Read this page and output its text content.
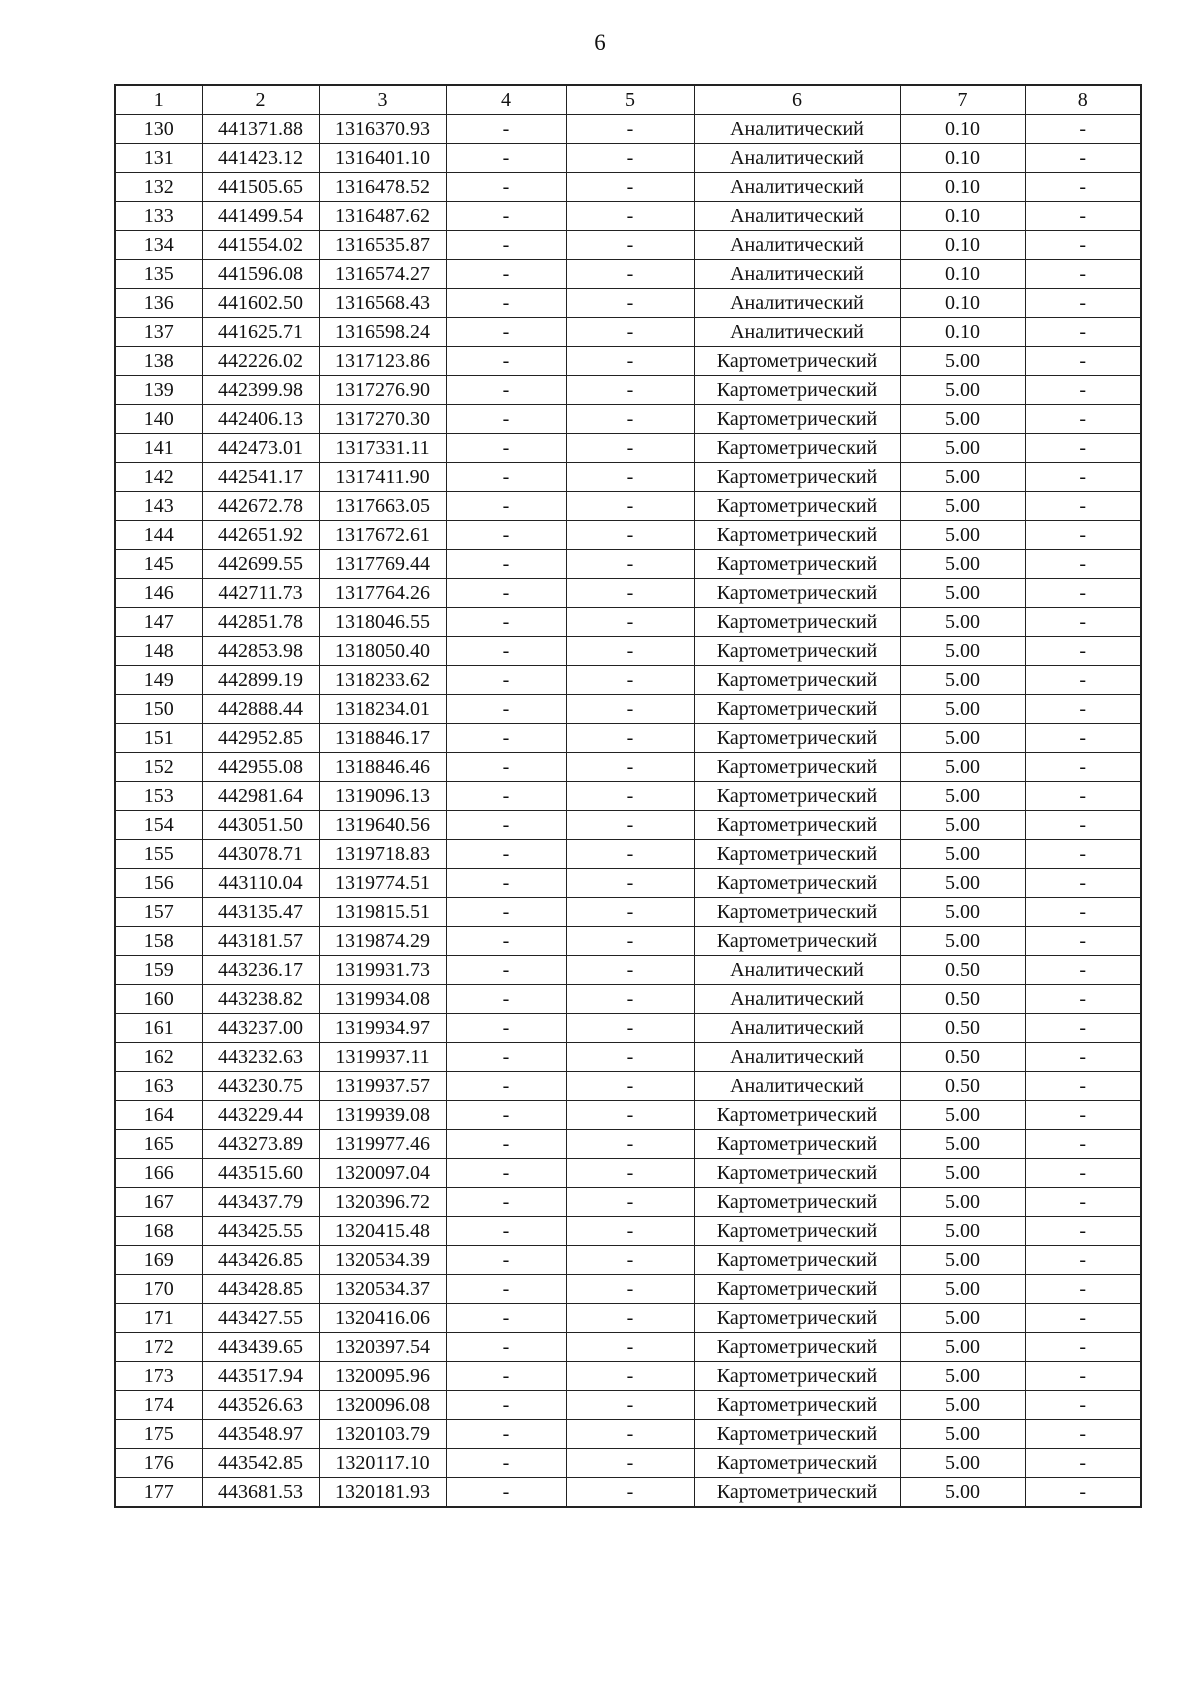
6
1	2	3	4	5	6	7	8
130	441371.88	1316370.93	-	-	Аналитический	0.10	-
131	441423.12	1316401.10	-	-	Аналитический	0.10	-
132	441505.65	1316478.52	-	-	Аналитический	0.10	-
133	441499.54	1316487.62	-	-	Аналитический	0.10	-
134	441554.02	1316535.87	-	-	Аналитический	0.10	-
135	441596.08	1316574.27	-	-	Аналитический	0.10	-
136	441602.50	1316568.43	-	-	Аналитический	0.10	-
137	441625.71	1316598.24	-	-	Аналитический	0.10	-
138	442226.02	1317123.86	-	-	Картометрический	5.00	-
139	442399.98	1317276.90	-	-	Картометрический	5.00	-
140	442406.13	1317270.30	-	-	Картометрический	5.00	-
141	442473.01	1317331.11	-	-	Картометрический	5.00	-
142	442541.17	1317411.90	-	-	Картометрический	5.00	-
143	442672.78	1317663.05	-	-	Картометрический	5.00	-
144	442651.92	1317672.61	-	-	Картометрический	5.00	-
145	442699.55	1317769.44	-	-	Картометрический	5.00	-
146	442711.73	1317764.26	-	-	Картометрический	5.00	-
147	442851.78	1318046.55	-	-	Картометрический	5.00	-
148	442853.98	1318050.40	-	-	Картометрический	5.00	-
149	442899.19	1318233.62	-	-	Картометрический	5.00	-
150	442888.44	1318234.01	-	-	Картометрический	5.00	-
151	442952.85	1318846.17	-	-	Картометрический	5.00	-
152	442955.08	1318846.46	-	-	Картометрический	5.00	-
153	442981.64	1319096.13	-	-	Картометрический	5.00	-
154	443051.50	1319640.56	-	-	Картометрический	5.00	-
155	443078.71	1319718.83	-	-	Картометрический	5.00	-
156	443110.04	1319774.51	-	-	Картометрический	5.00	-
157	443135.47	1319815.51	-	-	Картометрический	5.00	-
158	443181.57	1319874.29	-	-	Картометрический	5.00	-
159	443236.17	1319931.73	-	-	Аналитический	0.50	-
160	443238.82	1319934.08	-	-	Аналитический	0.50	-
161	443237.00	1319934.97	-	-	Аналитический	0.50	-
162	443232.63	1319937.11	-	-	Аналитический	0.50	-
163	443230.75	1319937.57	-	-	Аналитический	0.50	-
164	443229.44	1319939.08	-	-	Картометрический	5.00	-
165	443273.89	1319977.46	-	-	Картометрический	5.00	-
166	443515.60	1320097.04	-	-	Картометрический	5.00	-
167	443437.79	1320396.72	-	-	Картометрический	5.00	-
168	443425.55	1320415.48	-	-	Картометрический	5.00	-
169	443426.85	1320534.39	-	-	Картометрический	5.00	-
170	443428.85	1320534.37	-	-	Картометрический	5.00	-
171	443427.55	1320416.06	-	-	Картометрический	5.00	-
172	443439.65	1320397.54	-	-	Картометрический	5.00	-
173	443517.94	1320095.96	-	-	Картометрический	5.00	-
174	443526.63	1320096.08	-	-	Картометрический	5.00	-
175	443548.97	1320103.79	-	-	Картометрический	5.00	-
176	443542.85	1320117.10	-	-	Картометрический	5.00	-
177	443681.53	1320181.93	-	-	Картометрический	5.00	-
